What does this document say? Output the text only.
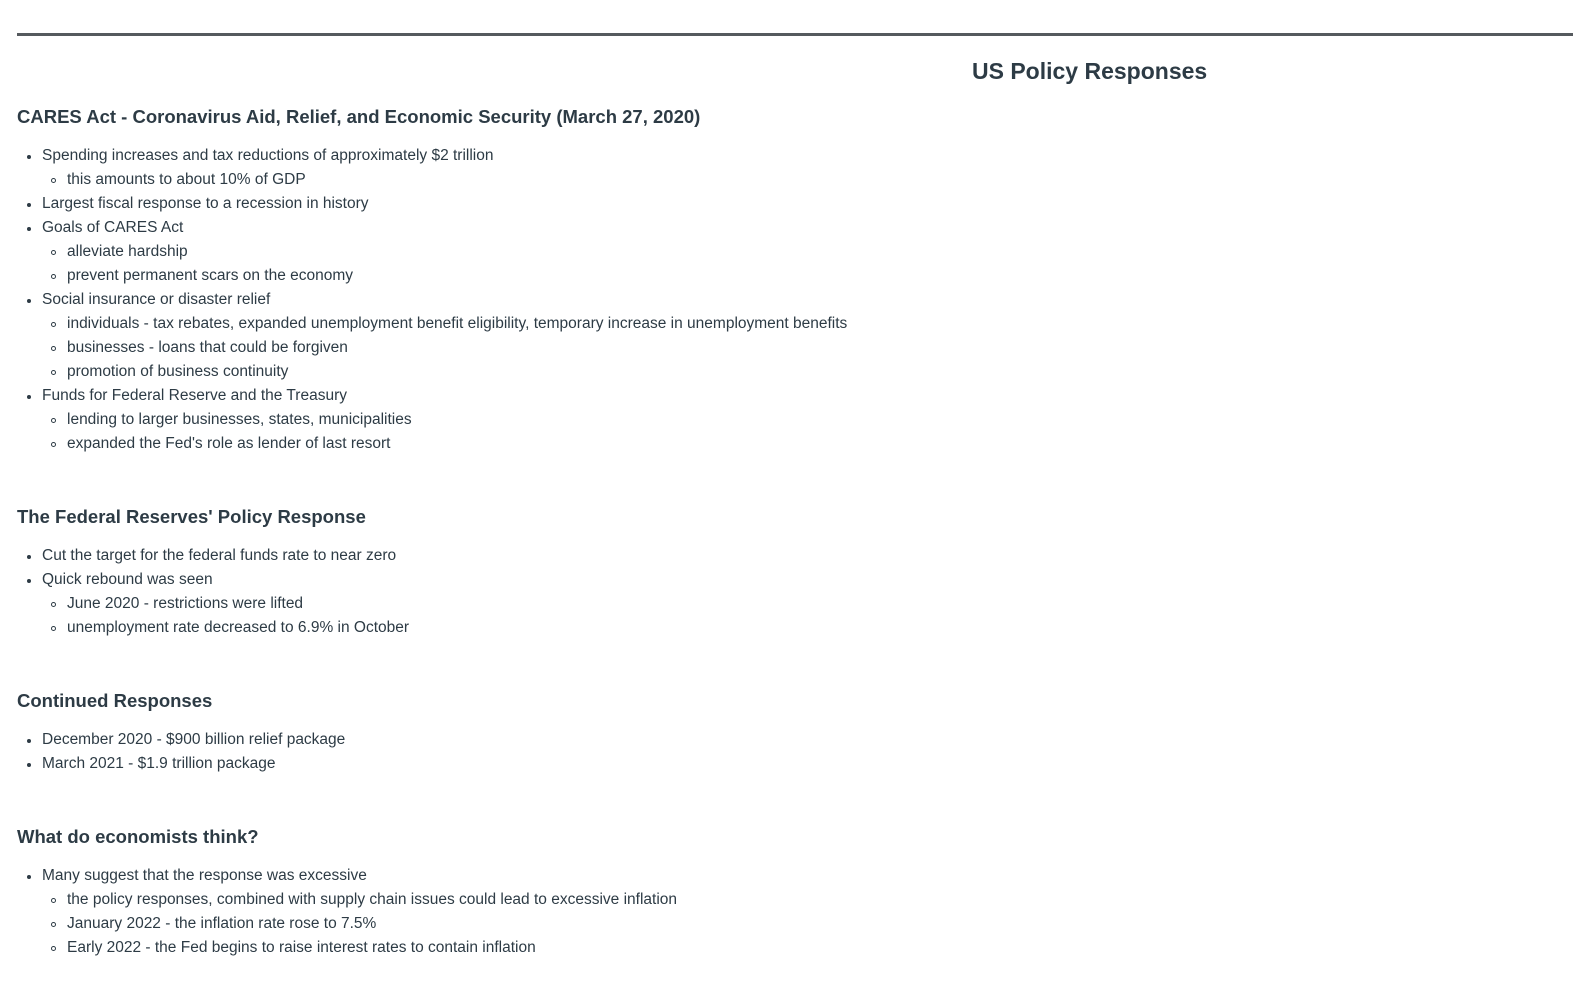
US Policy Responses
CARES Act - Coronavirus Aid, Relief, and Economic Security (March 27, 2020)
Spending increases and tax reductions of approximately $2 trillion
this amounts to about 10% of GDP
Largest fiscal response to a recession in history
Goals of CARES Act
alleviate hardship
prevent permanent scars on the economy
Social insurance or disaster relief
individuals - tax rebates, expanded unemployment benefit eligibility, temporary increase in unemployment benefits
businesses - loans that could be forgiven
promotion of business continuity
Funds for Federal Reserve and the Treasury
lending to larger businesses, states, municipalities
expanded the Fed's role as lender of last resort
The Federal Reserves' Policy Response
Cut the target for the federal funds rate to near zero
Quick rebound was seen
June 2020 - restrictions were lifted
unemployment rate decreased to 6.9% in October
Continued Responses
December 2020 - $900 billion relief package
March 2021 - $1.9 trillion package
What do economists think?
Many suggest that the response was excessive
the policy responses, combined with supply chain issues could lead to excessive inflation
January 2022 - the inflation rate rose to 7.5%
Early 2022 - the Fed begins to raise interest rates to contain inflation
